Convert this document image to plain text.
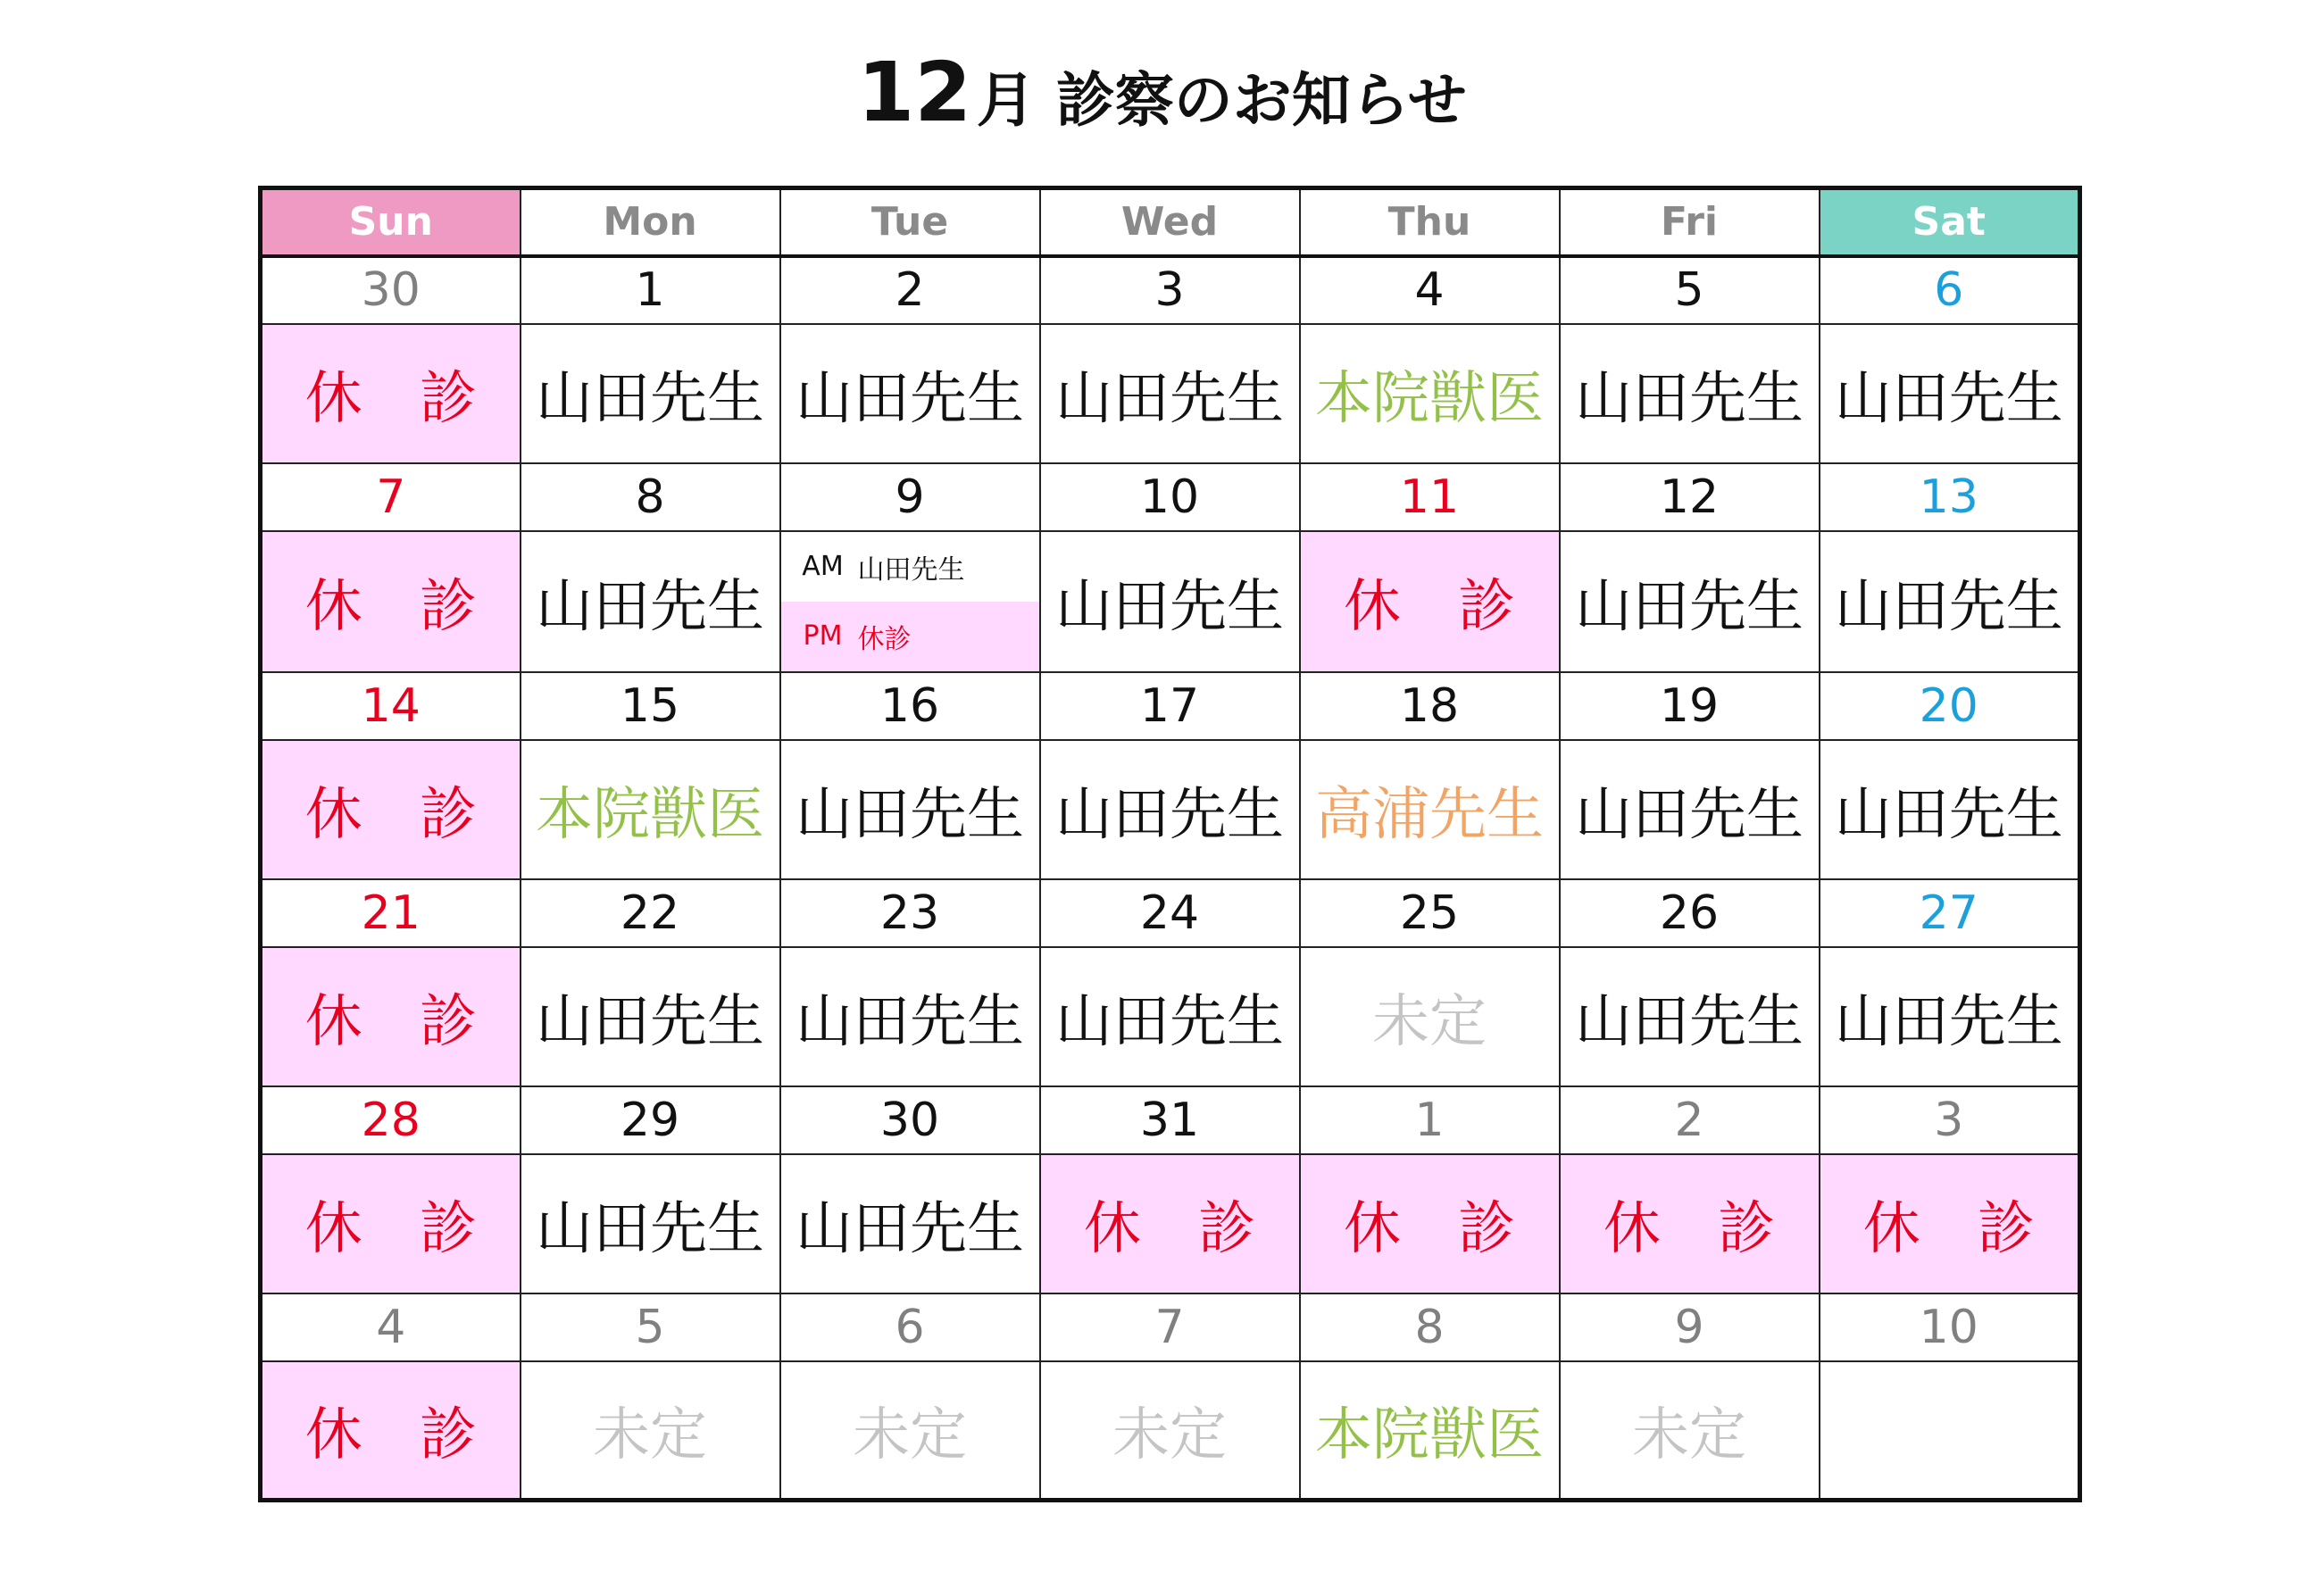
12 月 診察のお知らせ
Sun	Mon	Tue	Wed	Thu	Fri	Sat
30	1	2	3	4	5	6
休　診	山田先生	山田先生	山田先生	本院獣医	山田先生	山田先生
7	8	9	10	11	12	13
休　診	山田先生	AM 山田先生
PM 休診	山田先生	休　診	山田先生	山田先生
14	15	16	17	18	19	20
休　診	本院獣医	山田先生	山田先生	高浦先生	山田先生	山田先生
21	22	23	24	25	26	27
休　診	山田先生	山田先生	山田先生	未定	山田先生	山田先生
28	29	30	31	1	2	3
休　診	山田先生	山田先生	休　診	休　診	休　診	休　診
4	5	6	7	8	9	10
休　診	未定	未定	未定	本院獣医	未定	
